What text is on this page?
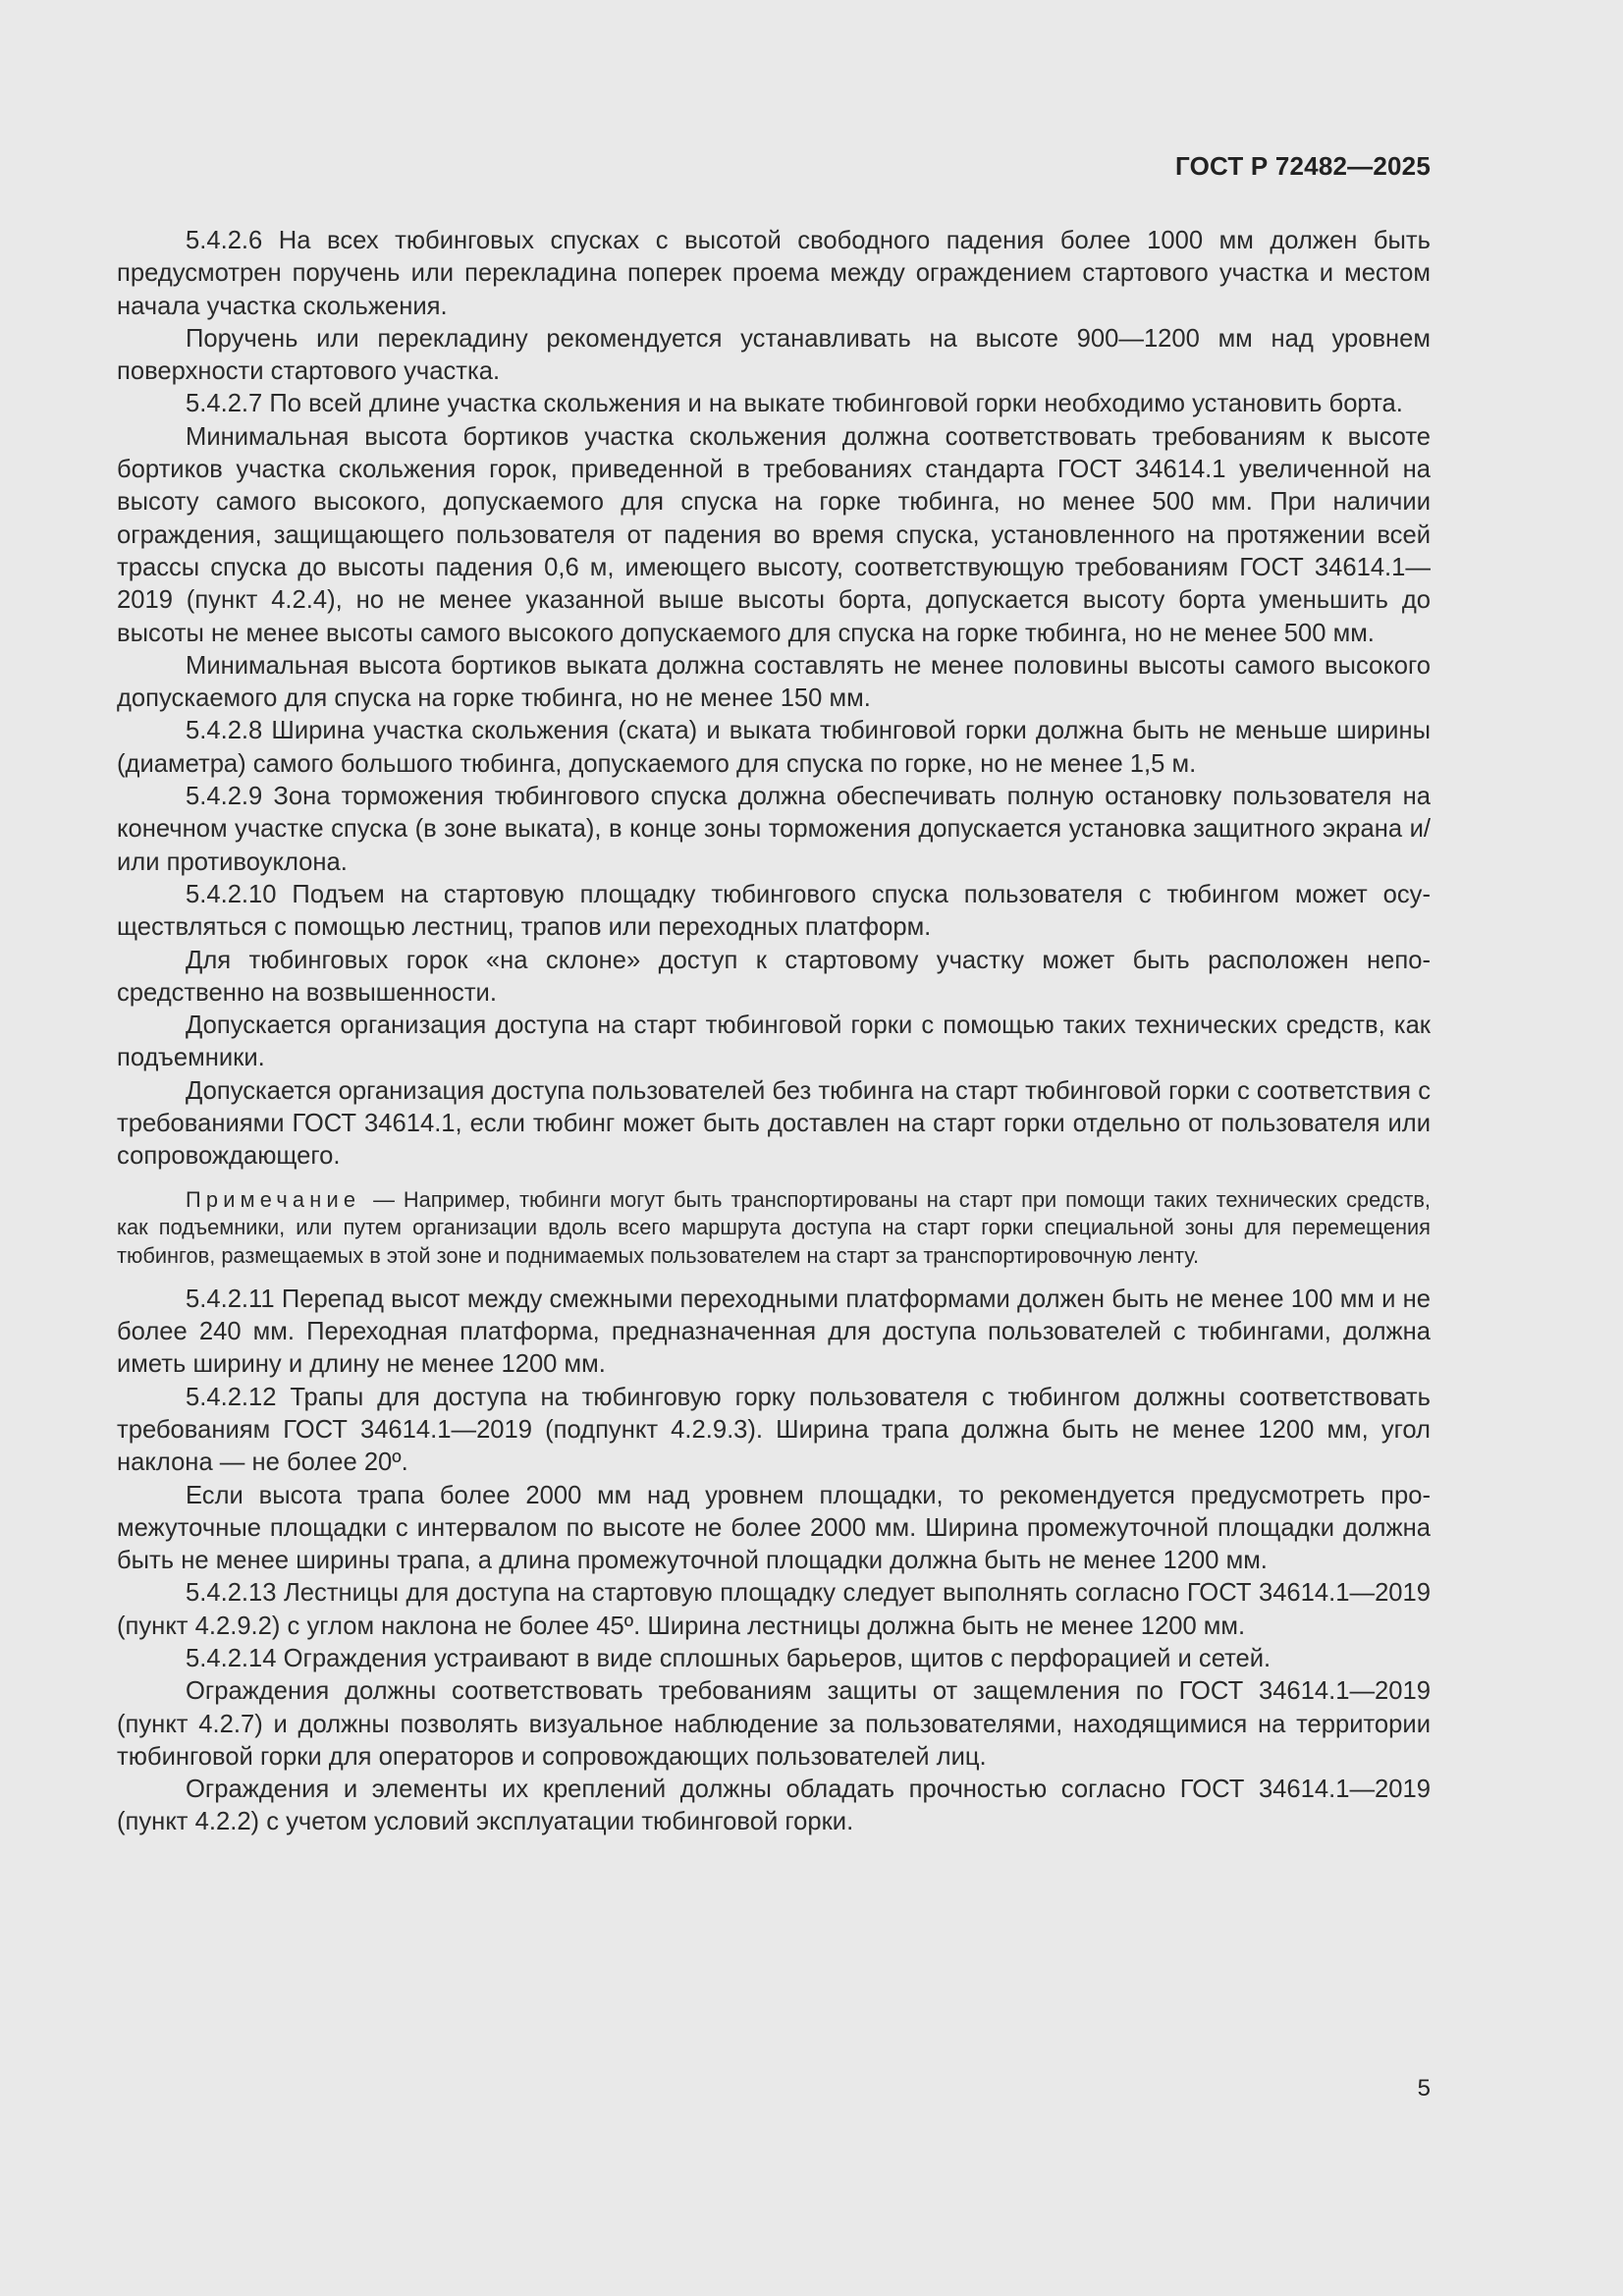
ГОСТ Р 72482—2025

5.4.2.6 На всех тюбинговых спусках с высотой свободного падения более 1000 мм должен быть предусмотрен поручень или перекладина поперек проема между ограждением стартового участка и местом начала участка скольжения.

Поручень или перекладину рекомендуется устанавливать на высоте 900—1200 мм над уровнем поверхности стартового участка.

5.4.2.7 По всей длине участка скольжения и на выкате тюбинговой горки необходимо установить борта.

Минимальная высота бортиков участка скольжения должна соответствовать требованиям к высоте бортиков участка скольжения горок, приведенной в требованиях стандарта ГОСТ 34614.1 увеличенной на высоту самого высокого, допускаемого для спуска на горке тюбинга, но менее 500 мм. При наличии ограждения, защищающего пользователя от падения во время спуска, установленного на протяжении всей трассы спуска до высоты падения 0,6 м, имеющего высоту, соответствующую требованиям ГОСТ 34614.1—2019 (пункт 4.2.4), но не менее указанной выше высоты борта, допускается высоту борта уменьшить до высоты не менее высоты самого высокого допускаемого для спуска на горке тюбинга, но не менее 500 мм.

Минимальная высота бортиков выката должна составлять не менее половины высоты самого высокого допускаемого для спуска на горке тюбинга, но не менее 150 мм.

5.4.2.8 Ширина участка скольжения (ската) и выката тюбинговой горки должна быть не меньше ширины (диаметра) самого большого тюбинга, допускаемого для спуска по горке, но не менее 1,5 м.

5.4.2.9 Зона торможения тюбингового спуска должна обеспечивать полную остановку пользователя на конечном участке спуска (в зоне выката), в конце зоны торможения допускается установка защитного экрана и/или противоуклона.

5.4.2.10 Подъем на стартовую площадку тюбингового спуска пользователя с тюбингом может осуществляться с помощью лестниц, трапов или переходных платформ.

Для тюбинговых горок «на склоне» доступ к стартовому участку может быть расположен непосредственно на возвышенности.

Допускается организация доступа на старт тюбинговой горки с помощью таких технических средств, как подъемники.

Допускается организация доступа пользователей без тюбинга на старт тюбинговой горки с соответствия с требованиями ГОСТ 34614.1, если тюбинг может быть доставлен на старт горки отдельно от пользователя или сопровождающего.

Примечание — Например, тюбинги могут быть транспортированы на старт при помощи таких технических средств, как подъемники, или путем организации вдоль всего маршрута доступа на старт горки специальной зоны для перемещения тюбингов, размещаемых в этой зоне и поднимаемых пользователем на старт за транспортировочную ленту.

5.4.2.11 Перепад высот между смежными переходными платформами должен быть не менее 100 мм и не более 240 мм. Переходная платформа, предназначенная для доступа пользователей с тюбингами, должна иметь ширину и длину не менее 1200 мм.

5.4.2.12 Трапы для доступа на тюбинговую горку пользователя с тюбингом должны соответствовать требованиям ГОСТ 34614.1—2019 (подпункт 4.2.9.3). Ширина трапа должна быть не менее 1200 мм, угол наклона — не более 20º.

Если высота трапа более 2000 мм над уровнем площадки, то рекомендуется предусмотреть промежуточные площадки с интервалом по высоте не более 2000 мм. Ширина промежуточной площадки должна быть не менее ширины трапа, а длина промежуточной площадки должна быть не менее 1200 мм.

5.4.2.13 Лестницы для доступа на стартовую площадку следует выполнять согласно ГОСТ 34614.1—2019 (пункт 4.2.9.2) с углом наклона не более 45º. Ширина лестницы должна быть не менее 1200 мм.

5.4.2.14 Ограждения устраивают в виде сплошных барьеров, щитов с перфорацией и сетей.

Ограждения должны соответствовать требованиям защиты от защемления по ГОСТ 34614.1—2019 (пункт 4.2.7) и должны позволять визуальное наблюдение за пользователями, находящимися на территории тюбинговой горки для операторов и сопровождающих пользователей лиц.

Ограждения и элементы их креплений должны обладать прочностью согласно ГОСТ 34614.1—2019 (пункт 4.2.2) с учетом условий эксплуатации тюбинговой горки.

5
